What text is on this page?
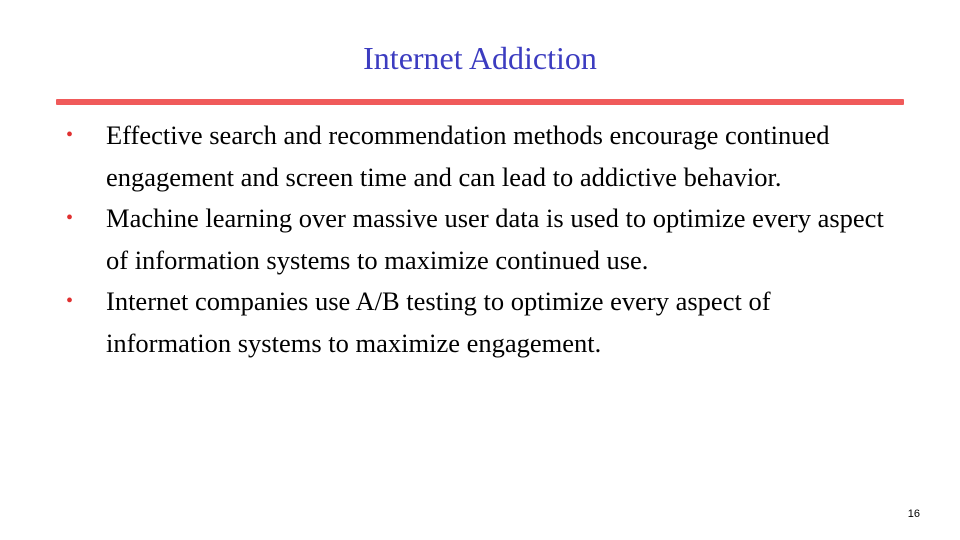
Internet Addiction
•	Effective search and recommendation methods encourage continued engagement and screen time and can lead to addictive behavior.
•	Machine learning over massive user data is used to optimize every aspect of information systems to maximize continued use.
•	Internet companies use A/B testing to optimize every aspect of information systems to maximize engagement.
16
